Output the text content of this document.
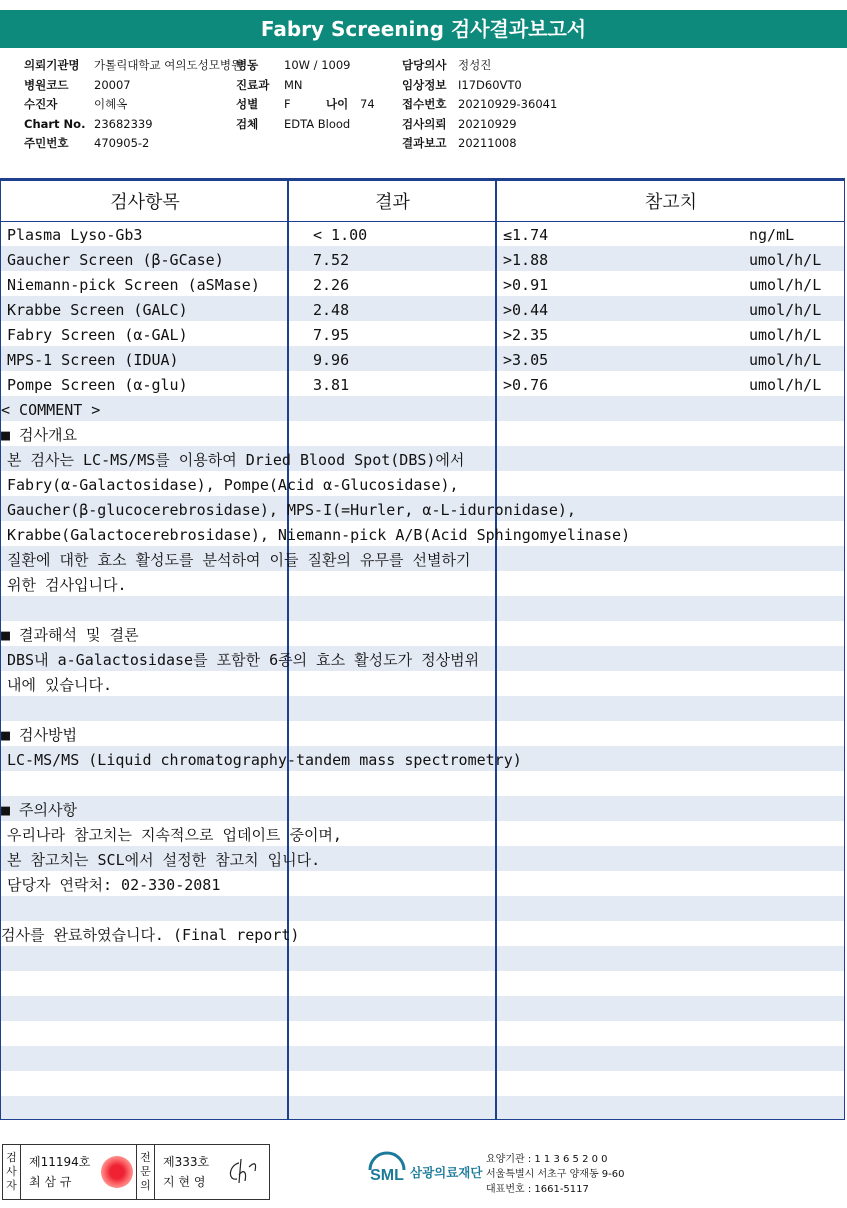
Fabry Screening 검사결과보고서
의뢰기관명 가톨릭대학교 여의도성모병원
병원코드 20007
수진자	이혜옥
Chart No. 23682339
주민번호 470905-2
병동 10W / 1009
진료과 MN
성별 F	나이 74
검체 EDTA Blood
담당의사 정성진
임상정보 I17D60VT0
접수번호 20210929-36041
검사의뢰 20210929
결과보고 20211008
검사항목	결과	참고치
Plasma Lyso-Gb3	< 1.00	≤1.74	ng/mL
Gaucher Screen (β-GCase)	7.52	>1.88	umol/h/L
Niemann-pick Screen (aSMase)	2.26	>0.91	umol/h/L
Krabbe Screen (GALC)	2.48	>0.44	umol/h/L
Fabry Screen (α-GAL)	7.95	>2.35	umol/h/L
MPS-1 Screen (IDUA)	9.96	>3.05	umol/h/L
Pompe Screen (α-glu)	3.81	>0.76	umol/h/L
< COMMENT >
■ 검사개요
본 검사는 LC-MS/MS를 이용하여 Dried Blood Spot(DBS)에서
Fabry(α-Galactosidase), Pompe(Acid α-Glucosidase),
Gaucher(β-glucocerebrosidase), MPS-I(=Hurler, α-L-iduronidase),
Krabbe(Galactocerebrosidase), Niemann-pick A/B(Acid Sphingomyelinase)
질환에 대한 효소 활성도를 분석하여 이들 질환의 유무를 선별하기
위한 검사입니다.
■ 결과해석 및 결론
DBS내 a-Galactosidase를 포함한 6종의 효소 활성도가 정상범위
내에 있습니다.
■ 검사방법
LC-MS/MS (Liquid chromatography-tandem mass spectrometry)
■ 주의사항
우리나라 참고치는 지속적으로 업데이트 중이며,
본 참고치는 SCL에서 설정한 참고치 입니다.
담당자 연락처: 02-330-2081
검사를 완료하였습니다. (Final report)
검사자
제11194호
최 삼 규
전문의
제333호
지 현 영	SML 삼광의료재단
요양기관 : 1 1 3 6 5 2 0 0
서울특별시 서초구 양재동 9-60
대표번호 : 1661-5117
